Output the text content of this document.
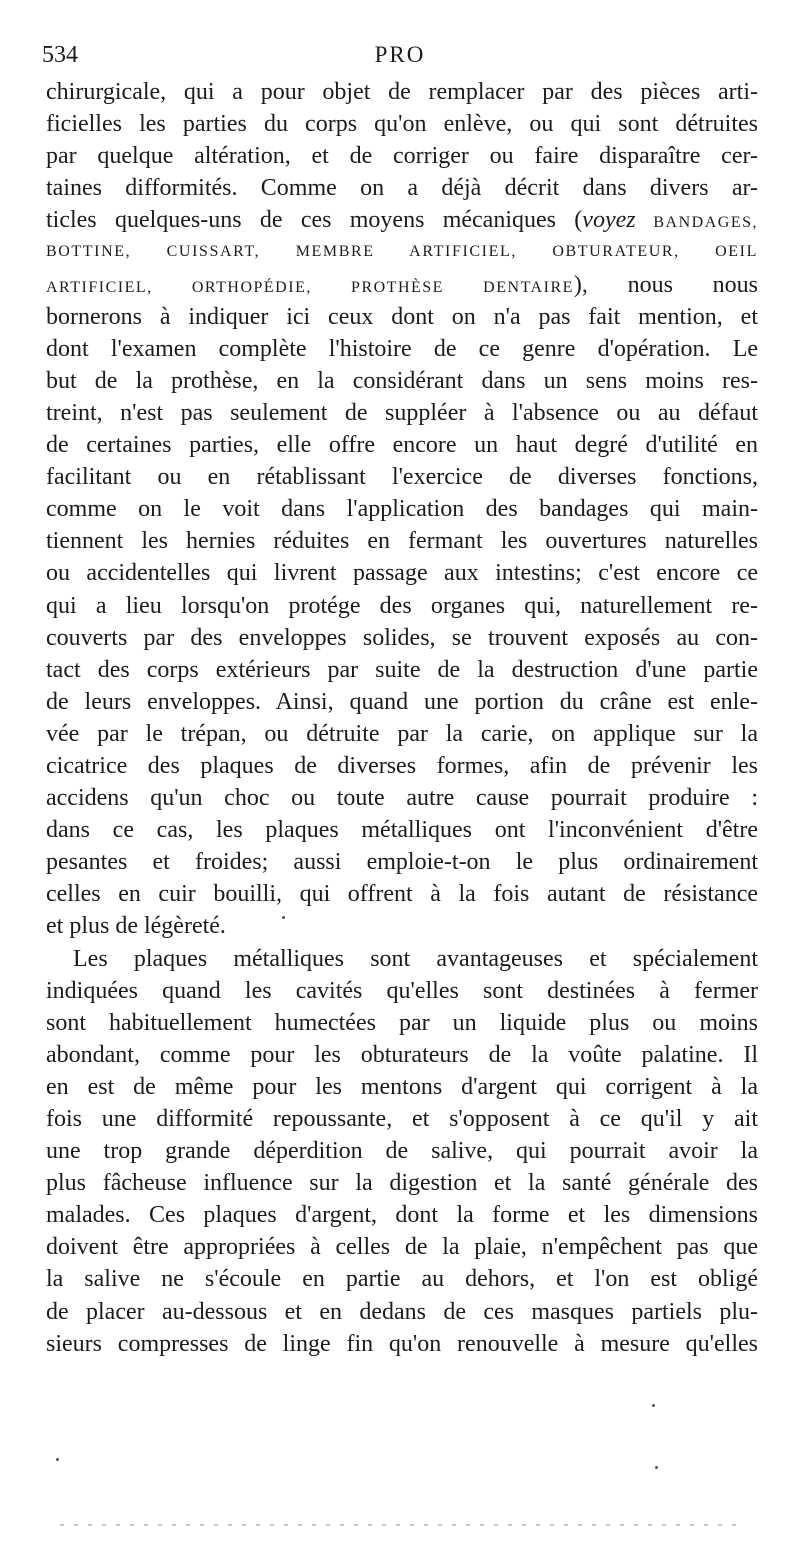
534	PRO
chirurgicale, qui a pour objet de remplacer par des pièces arti-
ficielles les parties du corps qu'on enlève, ou qui sont détruites
par quelque altération, et de corriger ou faire disparaître cer-
taines difformités. Comme on a déjà décrit dans divers ar-
ticles quelques-uns de ces moyens mécaniques (voyez BANDAGES,
BOTTINE, CUISSART, MEMBRE ARTIFICIEL, OBTURATEUR, OEIL
ARTIFICIEL, ORTHOPÉDIE, PROTHÈSE DENTAIRE), nous nous
bornerons à indiquer ici ceux dont on n'a pas fait mention, et
dont l'examen complète l'histoire de ce genre d'opération. Le
but de la prothèse, en la considérant dans un sens moins res-
treint, n'est pas seulement de suppléer à l'absence ou au défaut
de certaines parties, elle offre encore un haut degré d'utilité en
facilitant ou en rétablissant l'exercice de diverses fonctions,
comme on le voit dans l'application des bandages qui main-
tiennent les hernies réduites en fermant les ouvertures naturelles
ou accidentelles qui livrent passage aux intestins; c'est encore ce
qui a lieu lorsqu'on protége des organes qui, naturellement re-
couverts par des enveloppes solides, se trouvent exposés au con-
tact des corps extérieurs par suite de la destruction d'une partie
de leurs enveloppes. Ainsi, quand une portion du crâne est enle-
vée par le trépan, ou détruite par la carie, on applique sur la
cicatrice des plaques de diverses formes, afin de prévenir les
accidens qu'un choc ou toute autre cause pourrait produire :
dans ce cas, les plaques métalliques ont l'inconvénient d'être
pesantes et froides; aussi emploie-t-on le plus ordinairement
celles en cuir bouilli, qui offrent à la fois autant de résistance
et plus de légèreté.
Les plaques métalliques sont avantageuses et spécialement
indiquées quand les cavités qu'elles sont destinées à fermer
sont habituellement humectées par un liquide plus ou moins
abondant, comme pour les obturateurs de la voûte palatine. Il
en est de même pour les mentons d'argent qui corrigent à la
fois une difformité repoussante, et s'opposent à ce qu'il y ait
une trop grande déperdition de salive, qui pourrait avoir la
plus fâcheuse influence sur la digestion et la santé générale des
malades. Ces plaques d'argent, dont la forme et les dimensions
doivent être appropriées à celles de la plaie, n'empêchent pas que
la salive ne s'écoule en partie au dehors, et l'on est obligé
de placer au-dessous et en dedans de ces masques partiels plu-
sieurs compresses de linge fin qu'on renouvelle à mesure qu'elles
